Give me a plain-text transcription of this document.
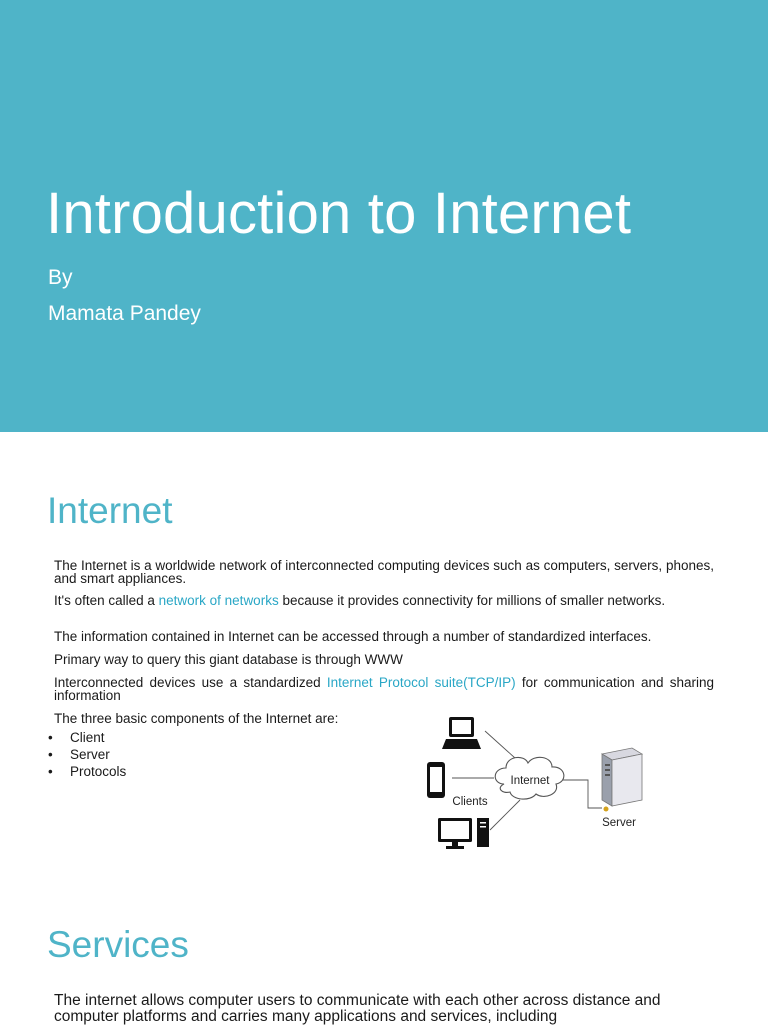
Introduction to Internet
By
Mamata Pandey
Internet
The Internet is a worldwide network of interconnected computing devices such as computers, servers, phones, and smart appliances.
It's often called a network of networks because it provides connectivity for millions of smaller networks.
The information contained in Internet can be accessed through a number of standardized interfaces.
Primary way to query this giant database is through WWW
Interconnected devices use a standardized Internet Protocol suite(TCP/IP) for communication and sharing information
The three basic components of the Internet are:
• Client
• Server
• Protocols
Internet
Clients
Server
Services
The internet allows computer users to communicate with each other across distance and computer platforms and carries many applications and services, including
